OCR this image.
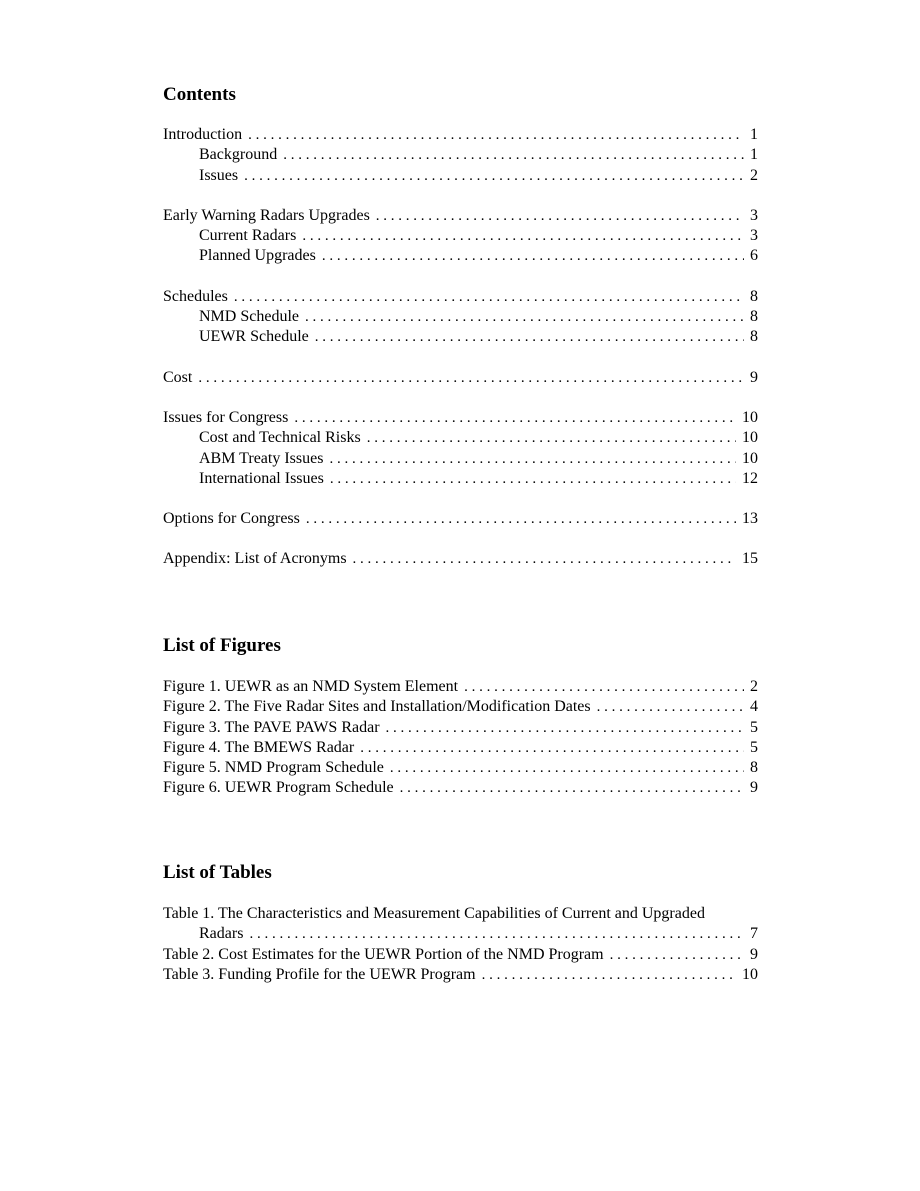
Contents
Introduction . . .	1
Background . . .	1
Issues . . .	2
Early Warning Radars Upgrades . . .	3
Current Radars . . .	3
Planned Upgrades . . .	6
Schedules . . .	8
NMD Schedule . . .	8
UEWR Schedule . . .	8
Cost . . .	9
Issues for Congress . . .	10
Cost and Technical Risks . . .	10
ABM Treaty Issues . . .	10
International Issues . . .	12
Options for Congress . . .	13
Appendix: List of Acronyms . . .	15
List of Figures
Figure 1. UEWR as an NMD System Element . . .	2
Figure 2. The Five Radar Sites and Installation/Modification Dates . . .	4
Figure 3. The PAVE PAWS Radar . . .	5
Figure 4. The BMEWS Radar . . .	5
Figure 5. NMD Program Schedule . . .	8
Figure 6. UEWR Program Schedule . . .	9
List of Tables
Table 1. The Characteristics and Measurement Capabilities of Current and Upgraded
Radars . . .	7
Table 2. Cost Estimates for the UEWR Portion of the NMD Program . . .	9
Table 3. Funding Profile for the UEWR Program . . .	10
